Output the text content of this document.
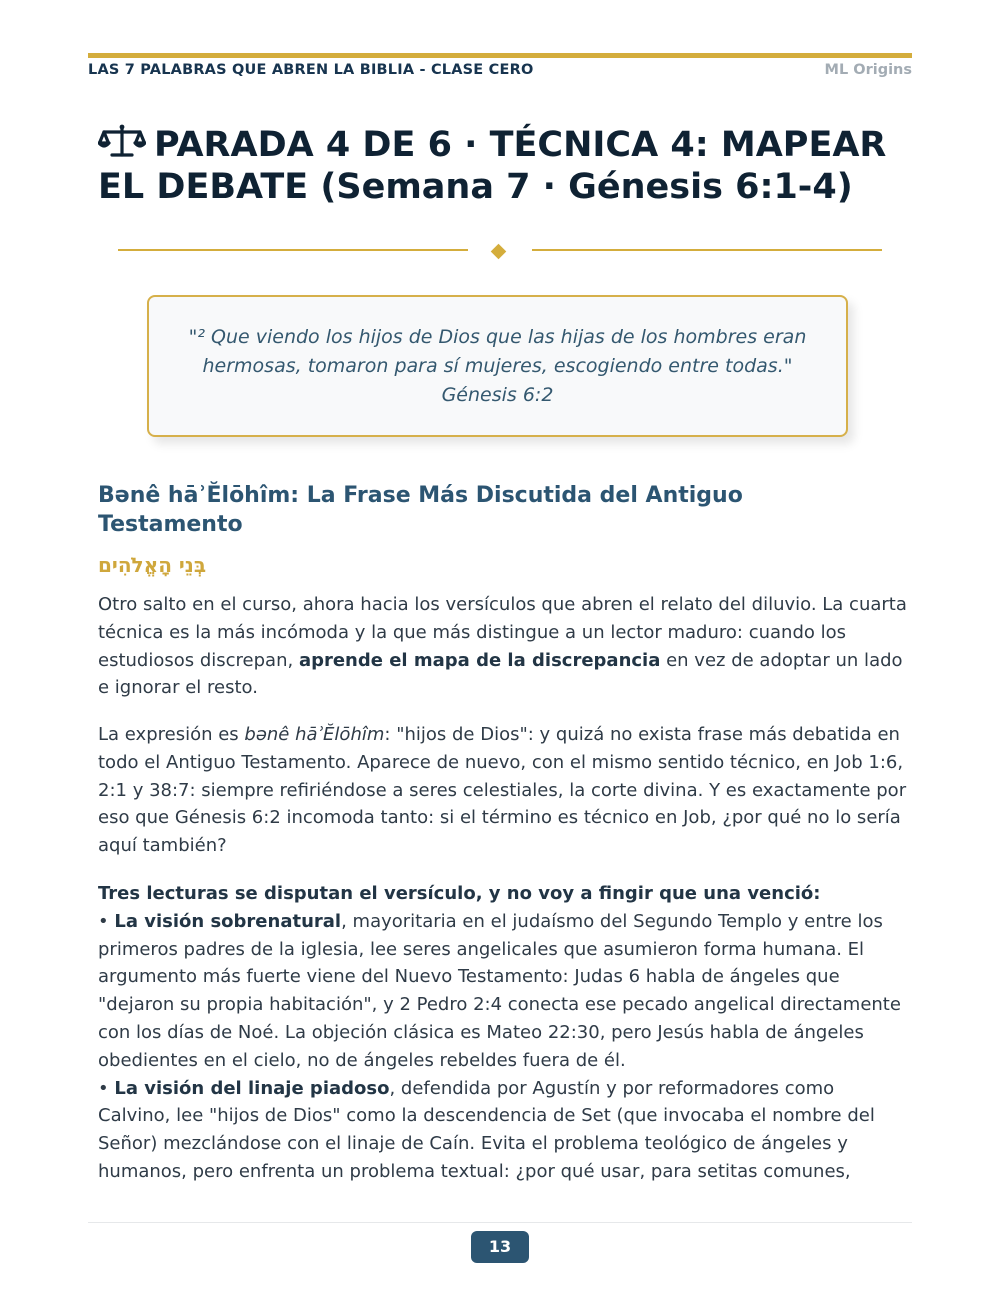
LAS 7 PALABRAS QUE ABREN LA BIBLIA - CLASE CERO	ML Origins
PARADA 4 DE 6 · TÉCNICA 4: MAPEAR EL DEBATE (Semana 7 · Génesis 6:1-4)

"² Que viendo los hijos de Dios que las hijas de los hombres eran hermosas, tomaron para sí mujeres, escogiendo entre todas."

Génesis 6:2

Bənê hāʾĔlōhîm: La Frase Más Discutida del Antiguo Testamento
בְּנֵי הָאֱלֹהִים

Otro salto en el curso, ahora hacia los versículos que abren el relato del diluvio. La cuarta técnica es la más incómoda y la que más distingue a un lector maduro: cuando los estudiosos discrepan, aprende el mapa de la discrepancia en vez de adoptar un lado e ignorar el resto.

La expresión es bənê hāʾĔlōhîm: "hijos de Dios": y quizá no exista frase más debatida en todo el Antiguo Testamento. Aparece de nuevo, con el mismo sentido técnico, en Job 1:6, 2:1 y 38:7: siempre refiriéndose a seres celestiales, la corte divina. Y es exactamente por eso que Génesis 6:2 incomoda tanto: si el término es técnico en Job, ¿por qué no lo sería aquí también?

Tres lecturas se disputan el versículo, y no voy a fingir que una venció:
• La visión sobrenatural, mayoritaria en el judaísmo del Segundo Templo y entre los primeros padres de la iglesia, lee seres angelicales que asumieron forma humana. El argumento más fuerte viene del Nuevo Testamento: Judas 6 habla de ángeles que "dejaron su propia habitación", y 2 Pedro 2:4 conecta ese pecado angelical directamente con los días de Noé. La objeción clásica es Mateo 22:30, pero Jesús habla de ángeles obedientes en el cielo, no de ángeles rebeldes fuera de él.
• La visión del linaje piadoso, defendida por Agustín y por reformadores como Calvino, lee "hijos de Dios" como la descendencia de Set (que invocaba el nombre del Señor) mezclándose con el linaje de Caín. Evita el problema teológico de ángeles y humanos, pero enfrenta un problema textual: ¿por qué usar, para setitas comunes,

13
